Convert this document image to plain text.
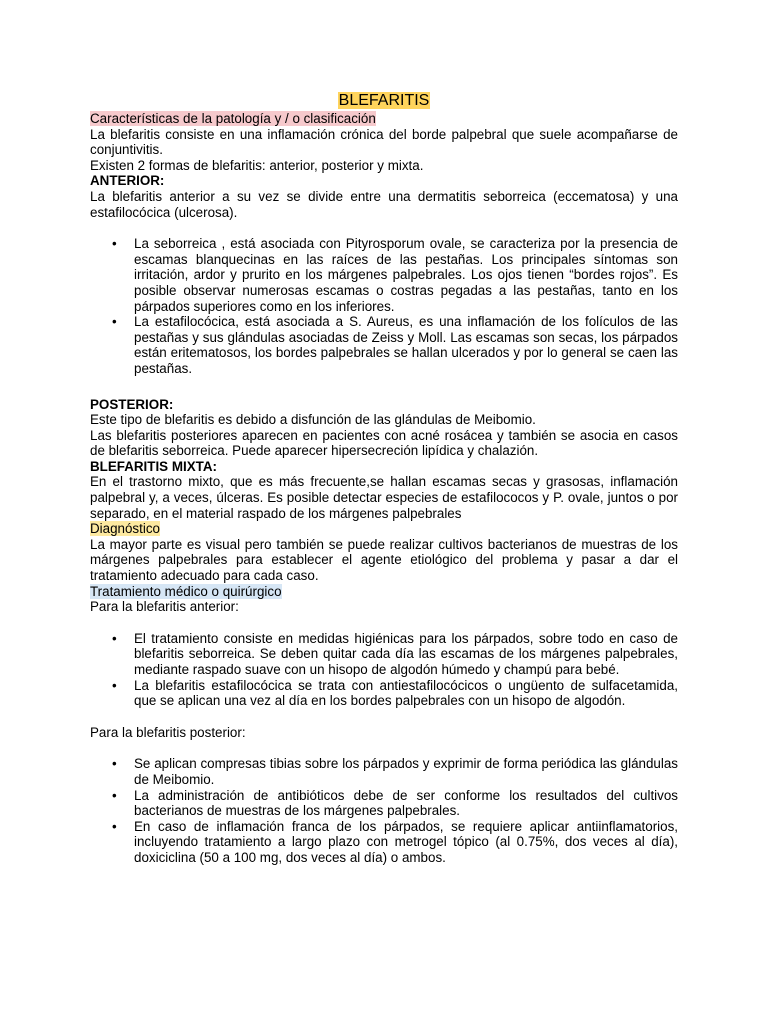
BLEFARITIS

Características de la patología y / o clasificación

La blefaritis consiste en una inflamación crónica del borde palpebral que suele acompañarse de conjuntivitis.

Existen 2 formas de blefaritis: anterior, posterior y mixta.

ANTERIOR:

La blefaritis anterior a su vez se divide entre una dermatitis seborreica (eccematosa) y una estafilocócica (ulcerosa).

• La seborreica , está asociada con Pityrosporum ovale, se caracteriza por la presencia de escamas blanquecinas en las raíces de las pestañas. Los principales síntomas son irritación, ardor y prurito en los márgenes palpebrales. Los ojos tienen “bordes rojos”. Es posible observar numerosas escamas o costras pegadas a las pestañas, tanto en los párpados superiores como en los inferiores.
• La estafilocócica, está asociada a S. Aureus, es una inflamación de los folículos de las pestañas y sus glándulas asociadas de Zeiss y Moll. Las escamas son secas, los párpados están eritematosos, los bordes palpebrales se hallan ulcerados y por lo general se caen las pestañas.

POSTERIOR:

Este tipo de blefaritis es debido a disfunción de las glándulas de Meibomio.

Las blefaritis posteriores aparecen en pacientes con acné rosácea y también se asocia en casos de blefaritis seborreica. Puede aparecer hipersecreción lipídica y chalazión.

BLEFARITIS MIXTA:

En el trastorno mixto, que es más frecuente,se hallan escamas secas y grasosas, inflamación palpebral y, a veces, úlceras. Es posible detectar especies de estafilococos y P. ovale, juntos o por separado, en el material raspado de los márgenes palpebrales

Diagnóstico

La mayor parte es visual pero también se puede realizar cultivos bacterianos de muestras de los márgenes palpebrales para establecer el agente etiológico del problema y pasar a dar el tratamiento adecuado para cada caso.

Tratamiento médico o quirúrgico

Para la blefaritis anterior:

• El tratamiento consiste en medidas higiénicas para los párpados, sobre todo en caso de blefaritis seborreica. Se deben quitar cada día las escamas de los márgenes palpebrales, mediante raspado suave con un hisopo de algodón húmedo y champú para bebé.
• La blefaritis estafilocócica se trata con antiestafilocócicos o ungüento de sulfacetamida, que se aplican una vez al día en los bordes palpebrales con un hisopo de algodón.

Para la blefaritis posterior:

• Se aplican compresas tibias sobre los párpados y exprimir de forma periódica las glándulas de Meibomio.
• La administración de antibióticos debe de ser conforme los resultados del cultivos bacterianos de muestras de los márgenes palpebrales.
• En caso de inflamación franca de los párpados, se requiere aplicar antiinflamatorios, incluyendo tratamiento a largo plazo con metrogel tópico (al 0.75%, dos veces al día), doxiciclina (50 a 100 mg, dos veces al día) o ambos.
